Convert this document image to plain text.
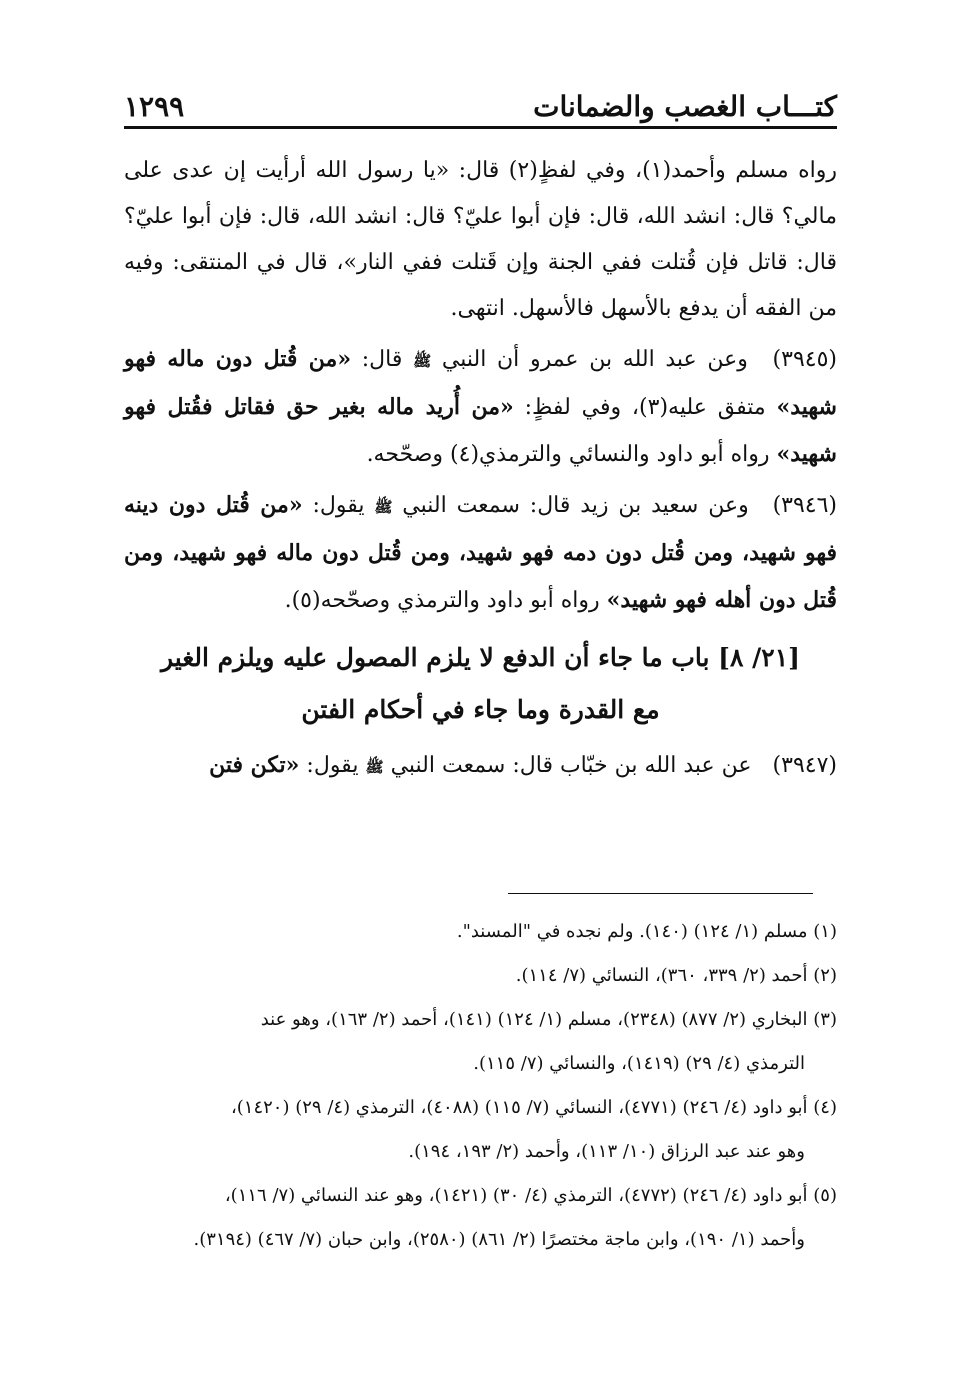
كتـــاب الغصب والضمانات
١٢٩٩

رواه مسلم وأحمد(١)، وفي لفظٍ(٢) قال: «يا رسول الله أرأيت إن عدى على مالي؟ قال: انشد الله، قال: فإن أبوا عليّ؟ قال: انشد الله، قال: فإن أبوا عليّ؟ قال: قاتل فإن قُتلت ففي الجنة وإن قَتلت ففي النار»، قال في المنتقى: وفيه من الفقه أن يدفع بالأسهل فالأسهل. انتهى.

(٣٩٤٥) وعن عبد الله بن عمرو أن النبي ﷺ قال: «من قُتل دون ماله فهو شهيد» متفق عليه(٣)، وفي لفظٍ: «من أُريد ماله بغير حق فقاتل فقُتل فهو شهيد» رواه أبو داود والنسائي والترمذي(٤) وصحّحه.

(٣٩٤٦) وعن سعيد بن زيد قال: سمعت النبي ﷺ يقول: «من قُتل دون دينه فهو شهيد، ومن قُتل دون دمه فهو شهيد، ومن قُتل دون ماله فهو شهيد، ومن قُتل دون أهله فهو شهيد» رواه أبو داود والترمذي وصحّحه(٥).

[٢١/ ٨] باب ما جاء أن الدفع لا يلزم المصول عليه ويلزم الغير مع القدرة وما جاء في أحكام الفتن

(٣٩٤٧) عن عبد الله بن خبّاب قال: سمعت النبي ﷺ يقول: «تكن فتن

(١) مسلم (١/ ١٢٤) (١٤٠). ولم نجده في "المسند".

(٢) أحمد (٢/ ٣٣٩، ٣٦٠)، النسائي (٧/ ١١٤).

(٣) البخاري (٢/ ٨٧٧) (٢٣٤٨)، مسلم (١/ ١٢٤) (١٤١)، أحمد (٢/ ١٦٣)، وهو عند
الترمذي (٤/ ٢٩) (١٤١٩)، والنسائي (٧/ ١١٥).

(٤) أبو داود (٤/ ٢٤٦) (٤٧٧١)، النسائي (٧/ ١١٥) (٤٠٨٨)، الترمذي (٤/ ٢٩) (١٤٢٠)،
وهو عند عبد الرزاق (١٠/ ١١٣)، وأحمد (٢/ ١٩٣، ١٩٤).

(٥) أبو داود (٤/ ٢٤٦) (٤٧٧٢)، الترمذي (٤/ ٣٠) (١٤٢١)، وهو عند النسائي (٧/ ١١٦)،
وأحمد (١/ ١٩٠)، وابن ماجة مختصرًا (٢/ ٨٦١) (٢٥٨٠)، وابن حبان (٧/ ٤٦٧) (٣١٩٤).
